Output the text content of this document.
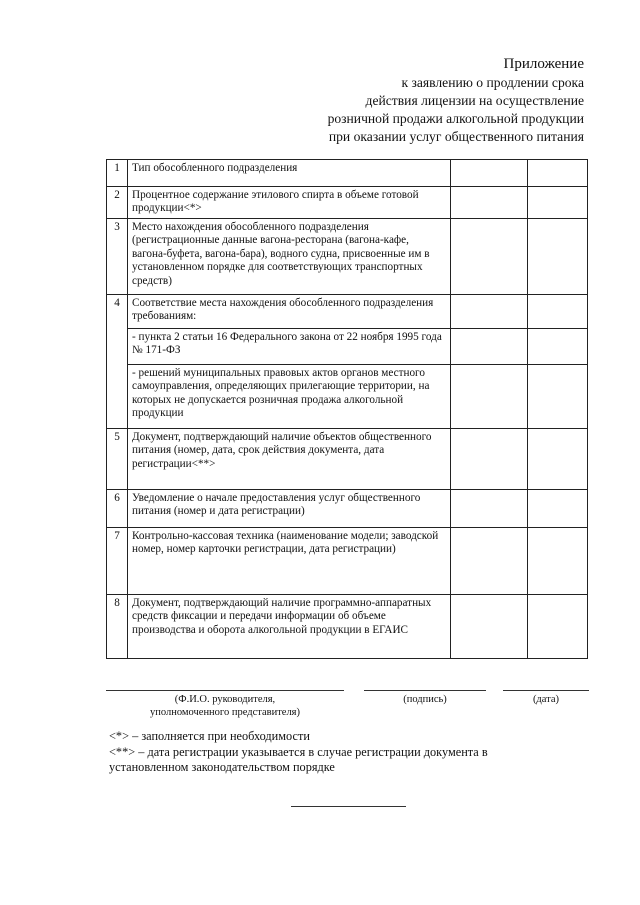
Приложение
к заявлению о продлении срока
действия лицензии на осуществление
розничной продажи алкогольной продукции
при оказании услуг общественного питания
1	Тип обособленного подразделения		
2	Процентное содержание этилового спирта в объеме готовой продукции<*>		
3	Место нахождения обособленного подразделения (регистрационные данные вагона-ресторана (вагона-кафе, вагона-буфета, вагона-бара), водного судна, присвоенные им в установленном порядке для соответствующих транспортных средств)		
4	Соответствие места нахождения обособленного подразделения требованиям:		
	- пункта 2 статьи 16 Федерального закона от 22 ноября 1995 года № 171-ФЗ		
	- решений муниципальных правовых актов органов местного самоуправления, определяющих прилегающие территории, на которых не допускается розничная продажа алкогольной продукции		
5	Документ, подтверждающий наличие объектов общественного питания (номер, дата, срок действия документа, дата регистрации<**>		
6	Уведомление о начале предоставления услуг общественного питания (номер и дата регистрации)		
7	Контрольно-кассовая техника (наименование модели; заводской номер, номер карточки регистрации, дата регистрации)		
8	Документ, подтверждающий наличие программно-аппаратных средств фиксации и передачи информации об объеме производства и оборота алкогольной продукции в ЕГАИС		
(Ф.И.О. руководителя, уполномоченного представителя)
(подпись)	(дата)
<*> – заполняется при необходимости
<**> – дата регистрации указывается в случае регистрации документа в установленном законодательством порядке
